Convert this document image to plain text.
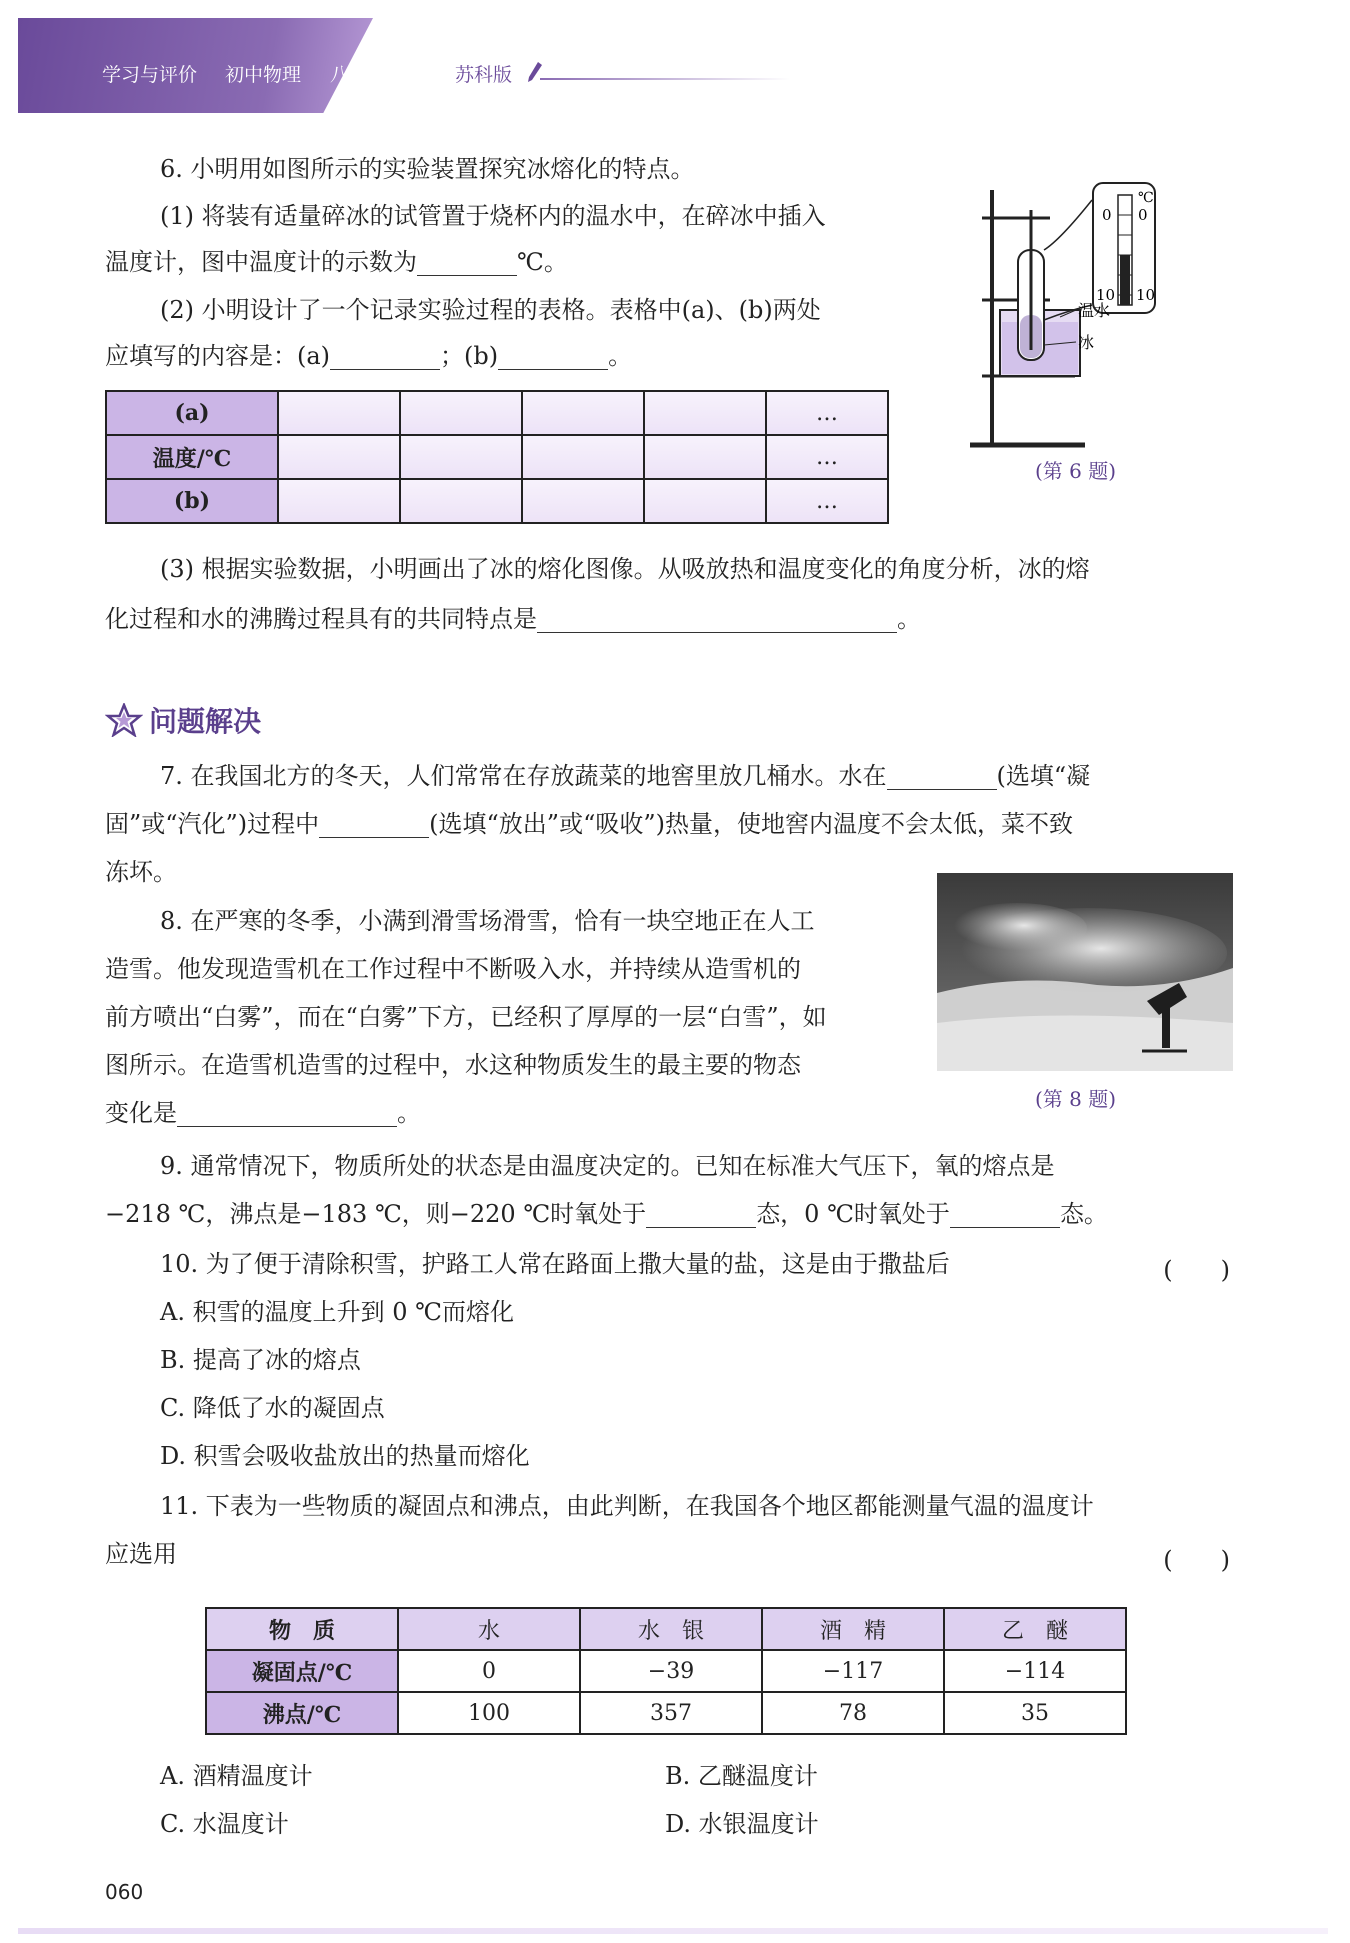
学习与评价 初中物理 八年级上册 苏科版
6. 小明用如图所示的实验装置探究冰熔化的特点。
(1) 将装有适量碎冰的试管置于烧杯内的温水中，在碎冰中插入
温度计，图中温度计的示数为	℃。
(2) 小明设计了一个记录实验过程的表格。表格中(a)、(b)两处
应填写的内容是：(a)	；(b)	。
(a)					…
温度/℃					…
(b)					…
℃
0 0
10 10
温水
冰
(第 6 题)
(3) 根据实验数据，小明画出了冰的熔化图像。从吸放热和温度变化的角度分析，冰的熔
化过程和水的沸腾过程具有的共同特点是	。
问题解决
7. 在我国北方的冬天，人们常常在存放蔬菜的地窖里放几桶水。水在	(选填“凝
固”或“汽化”)过程中	(选填“放出”或“吸收”)热量，使地窖内温度不会太低，菜不致
冻坏。
8. 在严寒的冬季，小满到滑雪场滑雪，恰有一块空地正在人工
造雪。他发现造雪机在工作过程中不断吸入水，并持续从造雪机的
前方喷出“白雾”，而在“白雾”下方，已经积了厚厚的一层“白雪”，如
图所示。在造雪机造雪的过程中，水这种物质发生的最主要的物态
变化是	。	(第 8 题)
9. 通常情况下，物质所处的状态是由温度决定的。已知在标准大气压下，氧的熔点是
−218 ℃，沸点是−183 ℃，则−220 ℃时氧处于	态，0 ℃时氧处于	态。
10. 为了便于清除积雪，护路工人常在路面上撒大量的盐，这是由于撒盐后	(　　)
A. 积雪的温度上升到 0 ℃而熔化
B. 提高了冰的熔点
C. 降低了水的凝固点
D. 积雪会吸收盐放出的热量而熔化
11. 下表为一些物质的凝固点和沸点，由此判断，在我国各个地区都能测量气温的温度计
应选用	(　　)
物　质	水	水　银	酒　精	乙　醚
凝固点/℃	0	−39	−117	−114
沸点/℃	100	357	78	35
A. 酒精温度计	B. 乙醚温度计
C. 水温度计	D. 水银温度计
060
